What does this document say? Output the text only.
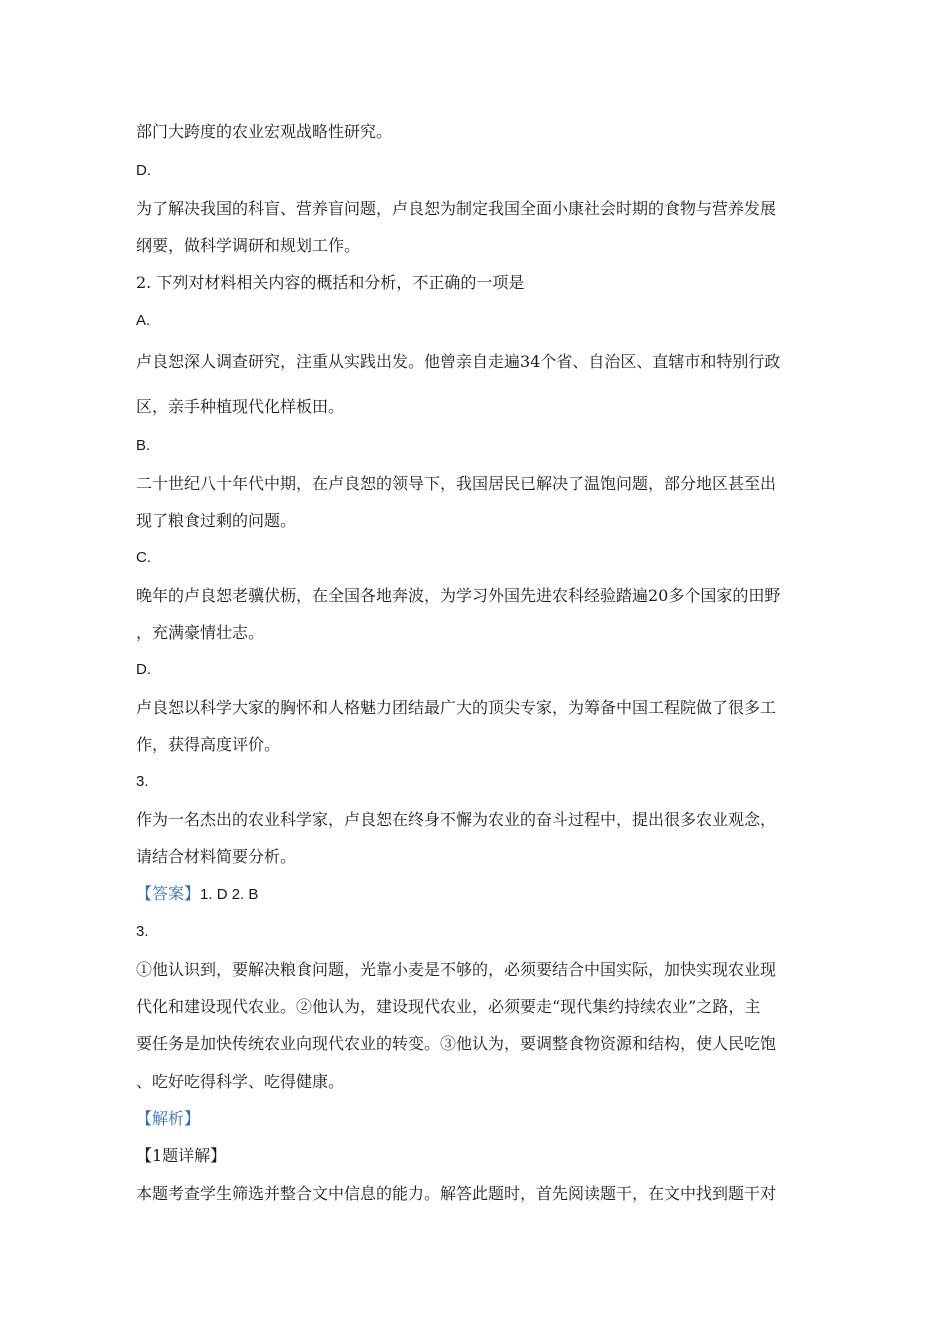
部门大跨度的农业宏观战略性研究。

D.

为了解决我国的科盲、营养盲问题，卢良恕为制定我国全面小康社会时期的食物与营养发展

纲要，做科学调研和规划工作。

2. 下列对材料相关内容的概括和分析，不正确的一项是

A.

卢良恕深人调查研究，注重从实践出发。他曾亲自走遍34个省、自治区、直辖市和特别行政

区，亲手种植现代化样板田。

B.

二十世纪八十年代中期，在卢良恕的领导下，我国居民已解决了温饱问题，部分地区甚至出

现了粮食过剩的问题。

C.

晚年的卢良恕老骥伏枥，在全国各地奔波，为学习外国先进农科经验踏遍20多个国家的田野

，充满豪情壮志。

D.

卢良恕以科学大家的胸怀和人格魅力团结最广大的顶尖专家，为筹备中国工程院做了很多工

作，获得高度评价。

3.

作为一名杰出的农业科学家，卢良恕在终身不懈为农业的奋斗过程中，提出很多农业观念，

请结合材料简要分析。

【答案】1. D 2. B

3.

①他认识到，要解决粮食问题，光靠小麦是不够的，必须要结合中国实际，加快实现农业现

代化和建设现代农业。②他认为，建设现代农业，必须要走“现代集约持续农业”之路，主

要任务是加快传统农业向现代农业的转变。③他认为，要调整食物资源和结构，使人民吃饱

、吃好吃得科学、吃得健康。

【解析】

【1题详解】

本题考查学生筛选并整合文中信息的能力。解答此题时，首先阅读题干，在文中找到题干对
